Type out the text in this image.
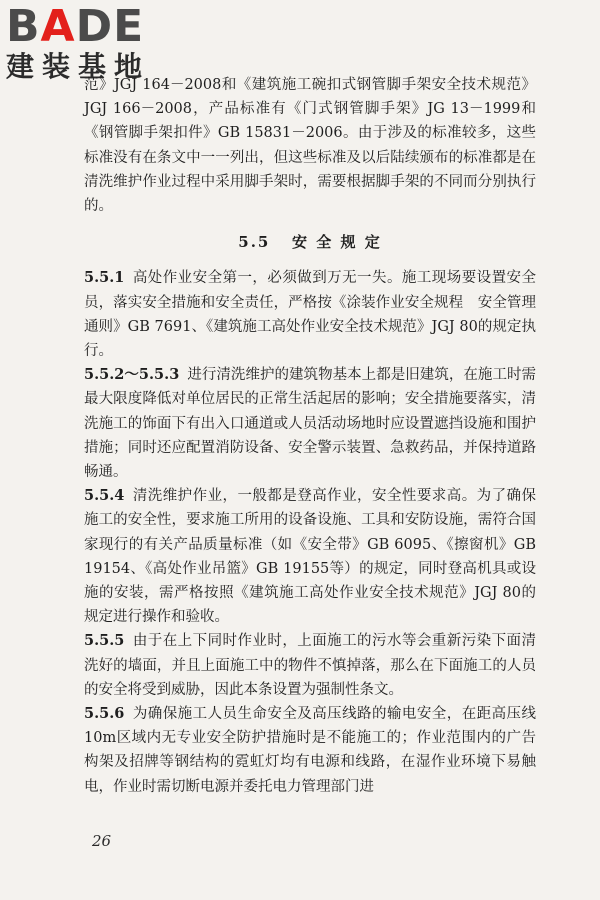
BADE
建装基地

范》JGJ 164－2008和《建筑施工碗扣式钢管脚手架安全技术规范》JGJ 166－2008，产品标准有《门式钢管脚手架》JG 13－1999和《钢管脚手架扣件》GB 15831－2006。由于涉及的标准较多，这些标准没有在条文中一一列出，但这些标准及以后陆续颁布的标准都是在清洗维护作业过程中采用脚手架时，需要根据脚手架的不同而分别执行的。

5.5 安 全 规 定

5.5.1 高处作业安全第一，必须做到万无一失。施工现场要设置安全员，落实安全措施和安全责任，严格按《涂装作业安全规程　安全管理通则》GB 7691、《建筑施工高处作业安全技术规范》JGJ 80的规定执行。

5.5.2～5.5.3 进行清洗维护的建筑物基本上都是旧建筑，在施工时需最大限度降低对单位居民的正常生活起居的影响；安全措施要落实，清洗施工的饰面下有出入口通道或人员活动场地时应设置遮挡设施和围护措施；同时还应配置消防设备、安全警示装置、急救药品，并保持道路畅通。

5.5.4 清洗维护作业，一般都是登高作业，安全性要求高。为了确保施工的安全性，要求施工所用的设备设施、工具和安防设施，需符合国家现行的有关产品质量标准（如《安全带》GB 6095、《擦窗机》GB 19154、《高处作业吊篮》GB 19155等）的规定，同时登高机具或设施的安装，需严格按照《建筑施工高处作业安全技术规范》JGJ 80的规定进行操作和验收。

5.5.5 由于在上下同时作业时，上面施工的污水等会重新污染下面清洗好的墙面，并且上面施工中的物件不慎掉落，那么在下面施工的人员的安全将受到威胁，因此本条设置为强制性条文。

5.5.6 为确保施工人员生命安全及高压线路的输电安全，在距高压线10m区域内无专业安全防护措施时是不能施工的；作业范围内的广告构架及招牌等钢结构的霓虹灯均有电源和线路，在湿作业环境下易触电，作业时需切断电源并委托电力管理部门进

26
